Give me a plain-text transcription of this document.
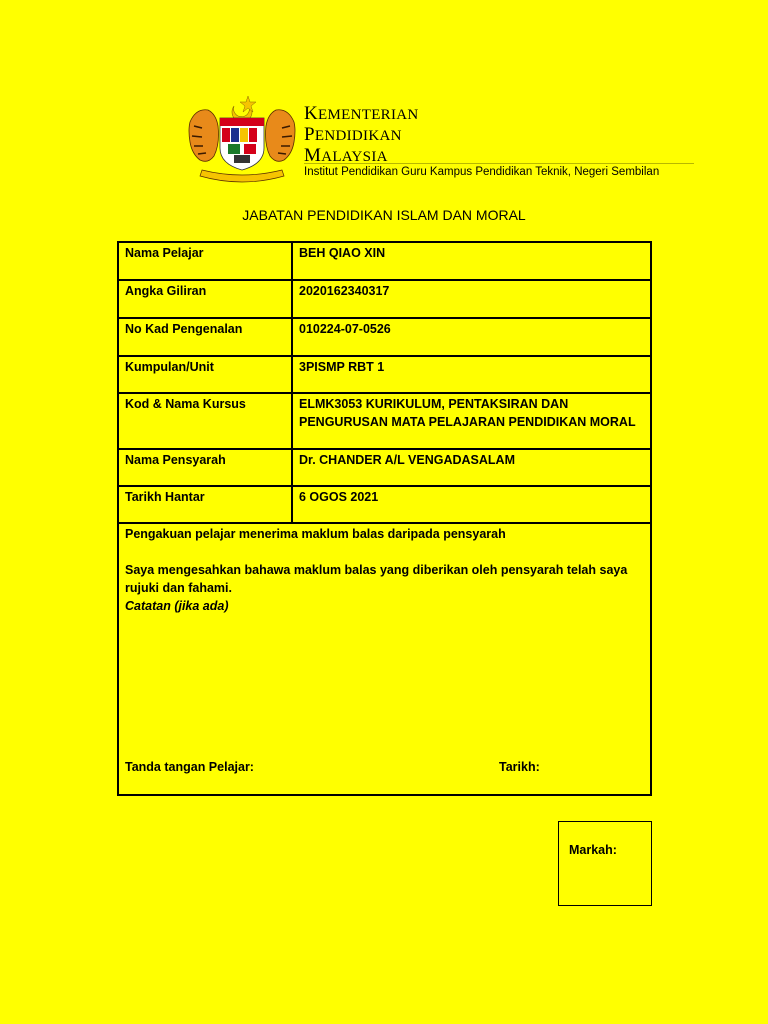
KEMENTERIAN
PENDIDIKAN
MALAYSIA
Institut Pendidikan Guru Kampus Pendidikan Teknik, Negeri Sembilan
JABATAN PENDIDIKAN ISLAM DAN MORAL
Nama Pelajar	BEH QIAO XIN
Angka Giliran	2020162340317
No Kad Pengenalan	010224-07-0526
Kumpulan/Unit	3PISMP RBT 1
Kod & Nama Kursus	ELMK3053 KURIKULUM, PENTAKSIRAN DAN PENGURUSAN MATA PELAJARAN PENDIDIKAN MORAL
Nama Pensyarah	Dr. CHANDER A/L VENGADASALAM
Tarikh Hantar	6 OGOS 2021

Pengakuan pelajar menerima maklum balas daripada pensyarah
Saya mengesahkan bahawa maklum balas yang diberikan oleh pensyarah telah saya rujuki dan fahami.
Catatan (jika ada)
Tanda tangan Pelajar: Tarikh:	
Markah:
